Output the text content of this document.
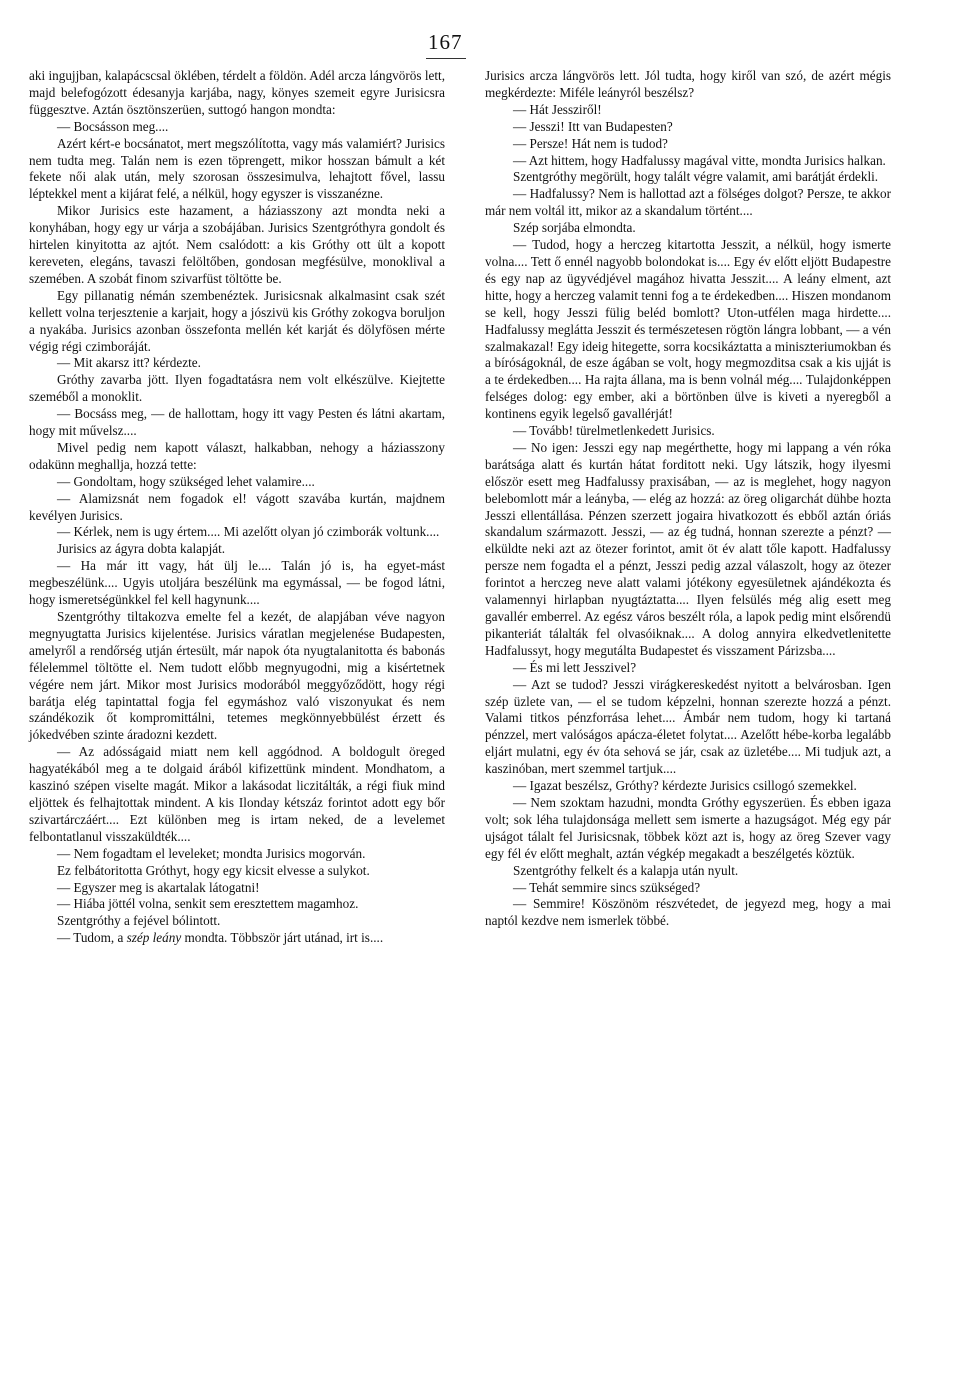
167

aki ingujjban, kalapácscsal öklében, térdelt a földön. Adél arcza lángvörös lett, majd belefogózott édesanyja karjába, nagy, könyes szemeit egyre Jurisicsra függesztve. Aztán ösztönszerüen, suttogó hangon mondta:

— Bocsásson meg....

Azért kért-e bocsánatot, mert megszólította, vagy más valamiért? Jurisics nem tudta meg. Talán nem is ezen töprengett, mikor hosszan bámult a két fekete női alak után, mely szorosan összesimulva, lehajtott fővel, lassu léptekkel ment a kijárat felé, a nélkül, hogy egyszer is visszanézne.

Mikor Jurisics este hazament, a háziasszony azt mondta neki a konyhában, hogy egy ur várja a szobájában. Jurisics Szentgróthyra gondolt és hirtelen kinyitotta az ajtót. Nem csalódott: a kis Gróthy ott ült a kopott kereveten, elegáns, tavaszi felöltőben, gondosan megfésülve, monoklival a szemében. A szobát finom szivarfüst töltötte be.

Egy pillanatig némán szembenéztek. Jurisicsnak alkalmasint csak szét kellett volna terjesztenie a karjait, hogy a jószivü kis Gróthy zokogva boruljon a nyakába. Jurisics azonban összefonta mellén két karját és dölyfösen mérte végig régi czimboráját.

— Mit akarsz itt? kérdezte.

Gróthy zavarba jött. Ilyen fogadtatásra nem volt elkészülve. Kiejtette szeméből a monoklit.

— Bocsáss meg, — de hallottam, hogy itt vagy Pesten és látni akartam, hogy mit művelsz....

Mivel pedig nem kapott választ, halkabban, nehogy a háziasszony odakünn meghallja, hozzá tette:

— Gondoltam, hogy szükséged lehet valamire....

— Alamizsnát nem fogadok el! vágott szavába kurtán, majdnem kevélyen Jurisics.

— Kérlek, nem is ugy értem.... Mi azelőtt olyan jó czimborák voltunk....

Jurisics az ágyra dobta kalapját.

— Ha már itt vagy, hát ülj le.... Talán jó is, ha egyet-mást megbeszélünk.... Ugyis utoljára beszélünk ma egymással, — be fogod látni, hogy ismeretségünkkel fel kell hagynunk....

Szentgróthy tiltakozva emelte fel a kezét, de alapjában véve nagyon megnyugtatta Jurisics kijelentése. Jurisics váratlan megjelenése Budapesten, amelyről a rendőrség utján értesült, már napok óta nyugtalanitotta és babonás félelemmel töltötte el. Nem tudott előbb megnyugodni, mig a kisértetnek végére nem járt. Mikor most Jurisics modorából meggyőződött, hogy régi barátja elég tapintattal fogja fel egymáshoz való viszonyukat és nem szándékozik őt kompromittálni, tetemes megkönnyebbülést érzett és jókedvében szinte áradozni kezdett.

— Az adósságaid miatt nem kell aggódnod. A boldogult öreged hagyatékából meg a te dolgaid árából kifizettünk mindent. Mondhatom, a kaszinó szépen viselte magát. Mikor a lakásodat liczitálták, a régi fiuk mind eljöttek és felhajtottak mindent. A kis Ilonday kétszáz forintot adott egy bőr szivartárczáért.... Ezt különben meg is irtam neked, de a levelemet felbontatlanul visszaküldték....

— Nem fogadtam el leveleket; mondta Jurisics mogorván.

Ez felbátoritotta Gróthyt, hogy egy kicsit elvesse a sulykot.

— Egyszer meg is akartalak látogatni!

— Hiába jöttél volna, senkit sem eresztettem magamhoz.

Szentgróthy a fejével bólintott.

— Tudom, a szép leány mondta. Többször járt utánad, irt is....

Jurisics arcza lángvörös lett. Jól tudta, hogy kiről van szó, de azért mégis megkérdezte: Miféle leányról beszélsz?

— Hát Jessziről!

— Jesszi! Itt van Budapesten?

— Persze! Hát nem is tudod?

— Azt hittem, hogy Hadfalussy magával vitte, mondta Jurisics halkan.

Szentgróthy megörült, hogy talált végre valamit, ami barátját érdekli.

— Hadfalussy? Nem is hallottad azt a fölséges dolgot? Persze, te akkor már nem voltál itt, mikor az a skandalum történt....

Szép sorjába elmondta.

— Tudod, hogy a herczeg kitartotta Jesszit, a nélkül, hogy ismerte volna.... Tett ő ennél nagyobb bolondokat is.... Egy év előtt eljött Budapestre és egy nap az ügyvédjével magához hivatta Jesszit.... A leány elment, azt hitte, hogy a herczeg valamit tenni fog a te érdekedben.... Hiszen mondanom se kell, hogy Jesszi fülig beléd bomlott? Uton-utfélen maga hirdette.... Hadfalussy meglátta Jesszit és természetesen rögtön lángra lobbant, — a vén szalmakazal! Egy ideig hitegette, sorra kocsikáztatta a miniszteriumokban és a bíróságoknál, de esze ágában se volt, hogy megmozditsa csak a kis ujját is a te érdekedben.... Ha rajta állana, ma is benn volnál még.... Tulajdonképpen felséges dolog: egy ember, aki a börtönben ülve is kiveti a nyeregből a kontinens egyik legelső gavallérját!

— Tovább! türelmetlenkedett Jurisics.

— No igen: Jesszi egy nap megérthette, hogy mi lappang a vén róka barátsága alatt és kurtán hátat forditott neki. Ugy látszik, hogy ilyesmi először esett meg Hadfalussy praxisában, — az is meglehet, hogy nagyon belebomlott már a leányba, — elég az hozzá: az öreg oligarchát dühbe hozta Jesszi ellentállása. Pénzen szerzett jogaira hivatkozott és ebből aztán óriás skandalum származott. Jesszi, — az ég tudná, honnan szerezte a pénzt? — elküldte neki azt az ötezer forintot, amit öt év alatt tőle kapott. Hadfalussy persze nem fogadta el a pénzt, Jesszi pedig azzal válaszolt, hogy az ötezer forintot a herczeg neve alatt valami jótékony egyesületnek ajándékozta és valamennyi hirlapban nyugtáztatta.... Ilyen felsülés még alig esett meg gavallér emberrel. Az egész város beszélt róla, a lapok pedig mint elsőrendü pikanteriát tálalták fel olvasóiknak.... A dolog annyira elkedvetlenitette Hadfalussyt, hogy megutálta Budapestet és visszament Párizsba....

— És mi lett Jesszivel?

— Azt se tudod? Jesszi virágkereskedést nyitott a belvárosban. Igen szép üzlete van, — el se tudom képzelni, honnan szerezte hozzá a pénzt. Valami titkos pénzforrása lehet.... Ámbár nem tudom, hogy ki tartaná pénzzel, mert valóságos apácza-életet folytat.... Azelőtt hébe-korba legalább eljárt mulatni, egy év óta sehová se jár, csak az üzletébe.... Mi tudjuk azt, a kaszinóban, mert szemmel tartjuk....

— Igazat beszélsz, Gróthy? kérdezte Jurisics csillogó szemekkel.

— Nem szoktam hazudni, mondta Gróthy egyszerüen. És ebben igaza volt; sok léha tulajdonsága mellett sem ismerte a hazugságot. Még egy pár ujságot tálalt fel Jurisicsnak, többek közt azt is, hogy az öreg Szever vagy egy fél év előtt meghalt, aztán végkép megakadt a beszélgetés köztük.

Szentgróthy felkelt és a kalapja után nyult.

— Tehát semmire sincs szükséged?

— Semmire! Köszönöm részvétedet, de jegyezd meg, hogy a mai naptól kezdve nem ismerlek többé.
